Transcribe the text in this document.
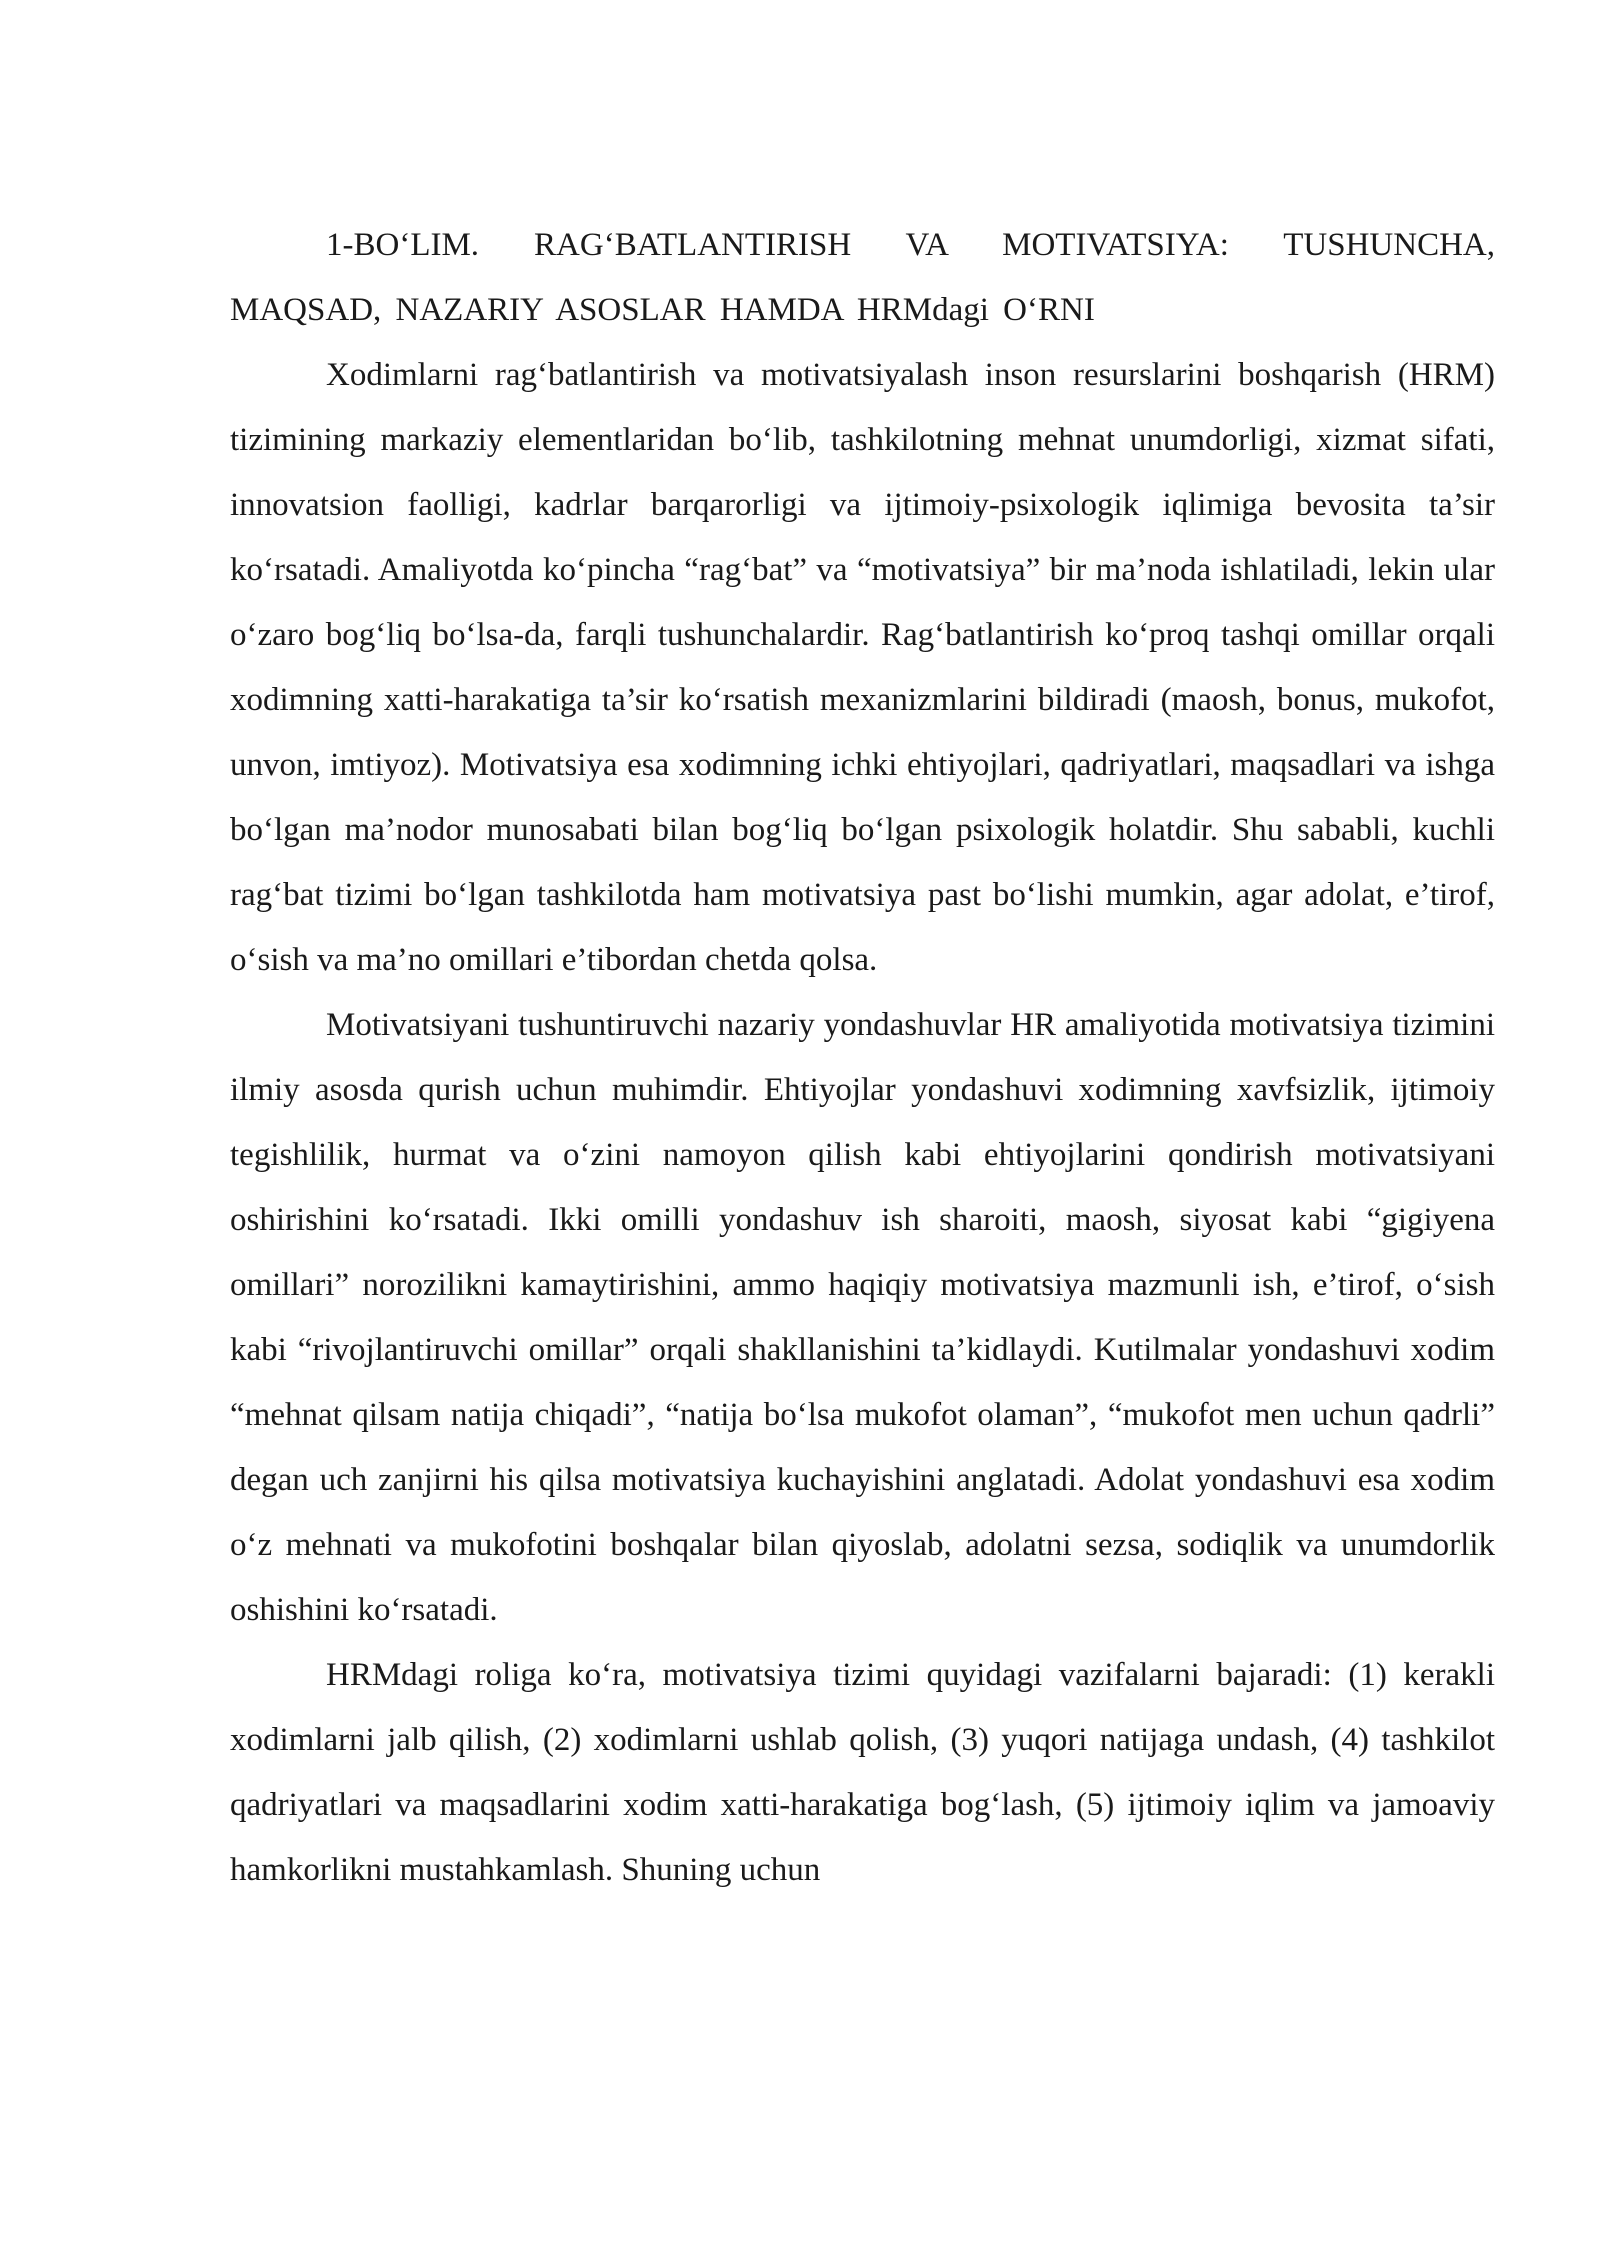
1-BO‘LIM. RAG‘BATLANTIRISH VA MOTIVATSIYA: TUSHUNCHA, MAQSAD, NAZARIY ASOSLAR HAMDA HRMdagi O‘RNI

Xodimlarni rag‘batlantirish va motivatsiyalash inson resurslarini boshqarish (HRM) tizimining markaziy elementlaridan bo‘lib, tashkilotning mehnat unumdorligi, xizmat sifati, innovatsion faolligi, kadrlar barqarorligi va ijtimoiy-psixologik iqlimiga bevosita ta’sir ko‘rsatadi. Amaliyotda ko‘pincha “rag‘bat” va “motivatsiya” bir ma’noda ishlatiladi, lekin ular o‘zaro bog‘liq bo‘lsa-da, farqli tushunchalardir. Rag‘batlantirish ko‘proq tashqi omillar orqali xodimning xatti-harakatiga ta’sir ko‘rsatish mexanizmlarini bildiradi (maosh, bonus, mukofot, unvon, imtiyoz). Motivatsiya esa xodimning ichki ehtiyojlari, qadriyatlari, maqsadlari va ishga bo‘lgan ma’nodor munosabati bilan bog‘liq bo‘lgan psixologik holatdir. Shu sababli, kuchli rag‘bat tizimi bo‘lgan tashkilotda ham motivatsiya past bo‘lishi mumkin, agar adolat, e’tirof, o‘sish va ma’no omillari e’tibordan chetda qolsa.

Motivatsiyani tushuntiruvchi nazariy yondashuvlar HR amaliyotida motivatsiya tizimini ilmiy asosda qurish uchun muhimdir. Ehtiyojlar yondashuvi xodimning xavfsizlik, ijtimoiy tegishlilik, hurmat va o‘zini namoyon qilish kabi ehtiyojlarini qondirish motivatsiyani oshirishini ko‘rsatadi. Ikki omilli yondashuv ish sharoiti, maosh, siyosat kabi “gigiyena omillari” norozilikni kamaytirishini, ammo haqiqiy motivatsiya mazmunli ish, e’tirof, o‘sish kabi “rivojlantiruvchi omillar” orqali shakllanishini ta’kidlaydi. Kutilmalar yondashuvi xodim “mehnat qilsam natija chiqadi”, “natija bo‘lsa mukofot olaman”, “mukofot men uchun qadrli” degan uch zanjirni his qilsa motivatsiya kuchayishini anglatadi. Adolat yondashuvi esa xodim o‘z mehnati va mukofotini boshqalar bilan qiyoslab, adolatni sezsa, sodiqlik va unumdorlik oshishini ko‘rsatadi.

HRMdagi roliga ko‘ra, motivatsiya tizimi quyidagi vazifalarni bajaradi: (1) kerakli xodimlarni jalb qilish, (2) xodimlarni ushlab qolish, (3) yuqori natijaga undash, (4) tashkilot qadriyatlari va maqsadlarini xodim xatti-harakatiga bog‘lash, (5) ijtimoiy iqlim va jamoaviy hamkorlikni mustahkamlash. Shuning uchun
